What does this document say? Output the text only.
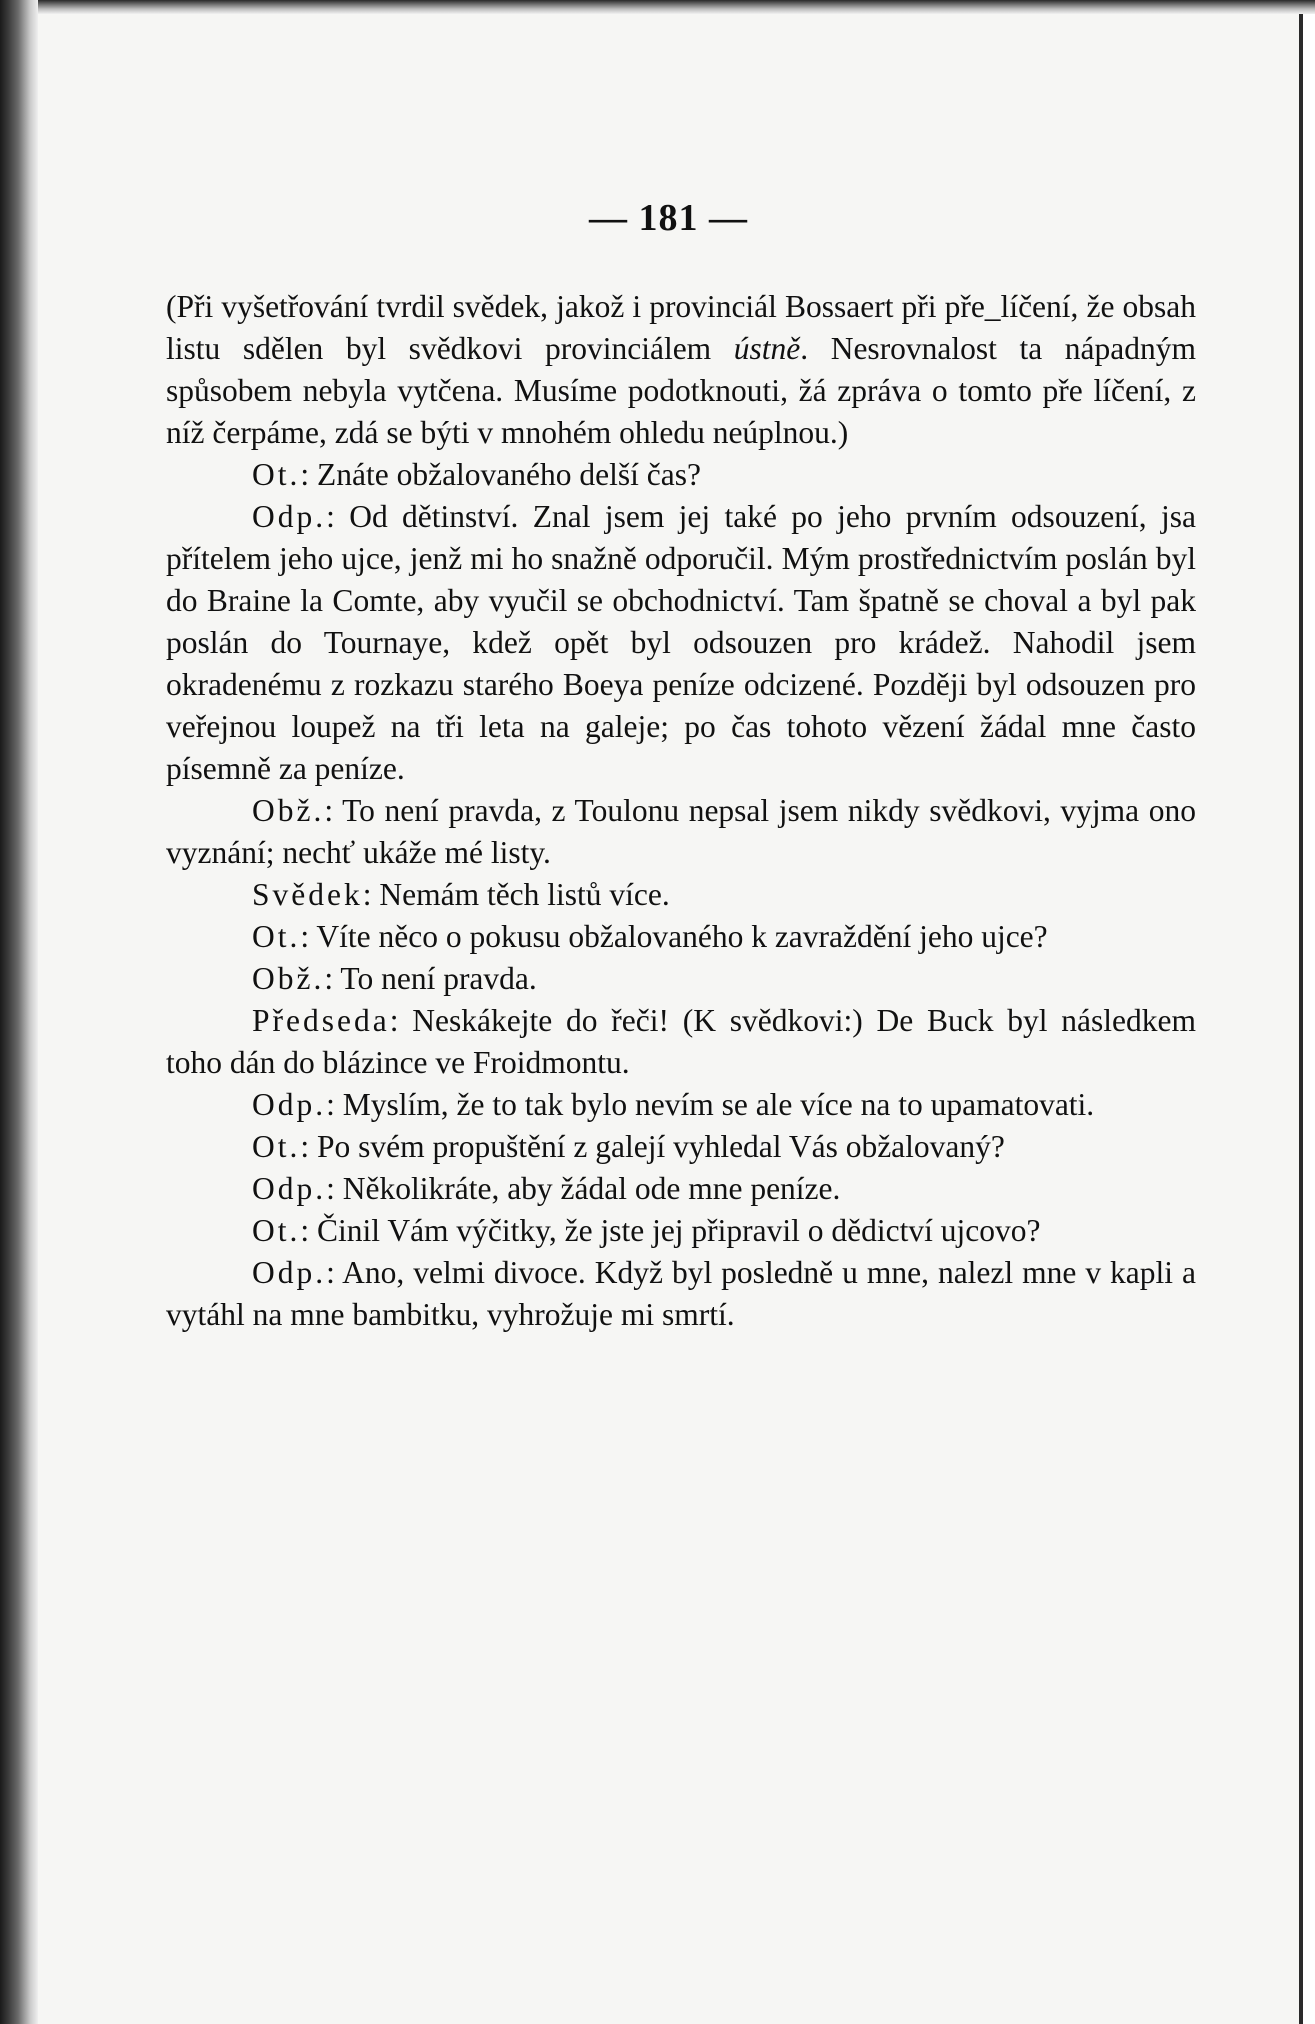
— 181 —

(Při vyšetřování tvrdil svědek, jakož i provinciál Bossaert při pře_líčení, že obsah listu sdělen byl svědkovi provinciálem ústně. Nesrovnalost ta nápadným spůsobem nebyla vytčena. Musíme podotknouti, žá zpráva o tomto pře líčení, z níž čerpáme, zdá se býti v mnohém ohledu neúplnou.)

Ot.: Znáte obžalovaného delší čas?

Odp.: Od dětinství. Znal jsem jej také po jeho prvním odsouzení, jsa přítelem jeho ujce, jenž mi ho snažně odporučil. Mým prostřednictvím poslán byl do Braine la Comte, aby vyučil se obchodnictví. Tam špatně se choval a byl pak poslán do Tournaye, kdež opět byl odsouzen pro krádež. Nahodil jsem okradenému z rozkazu starého Boeya peníze odcizené. Později byl odsouzen pro veřejnou loupež na tři leta na galeje; po čas tohoto vězení žádal mne často písemně za peníze.

Obž.: To není pravda, z Toulonu nepsal jsem nikdy svědkovi, vyjma ono vyznání; nechť ukáže mé listy.

Svědek: Nemám těch listů více.

Ot.: Víte něco o pokusu obžalovaného k zavraždění jeho ujce?

Obž.: To není pravda.

Předseda: Neskákejte do řeči! (K svědkovi:) De Buck byl následkem toho dán do blázince ve Froidmontu.

Odp.: Myslím, že to tak bylo nevím se ale více na to upamatovati.

Ot.: Po svém propuštění z galejí vyhledal Vás obžalovaný?

Odp.: Několikráte, aby žádal ode mne peníze.

Ot.: Činil Vám výčitky, že jste jej připravil o dědictví ujcovo?

Odp.: Ano, velmi divoce. Když byl posledně u mne, nalezl mne v kapli a vytáhl na mne bambitku, vyhrožuje mi smrtí.
